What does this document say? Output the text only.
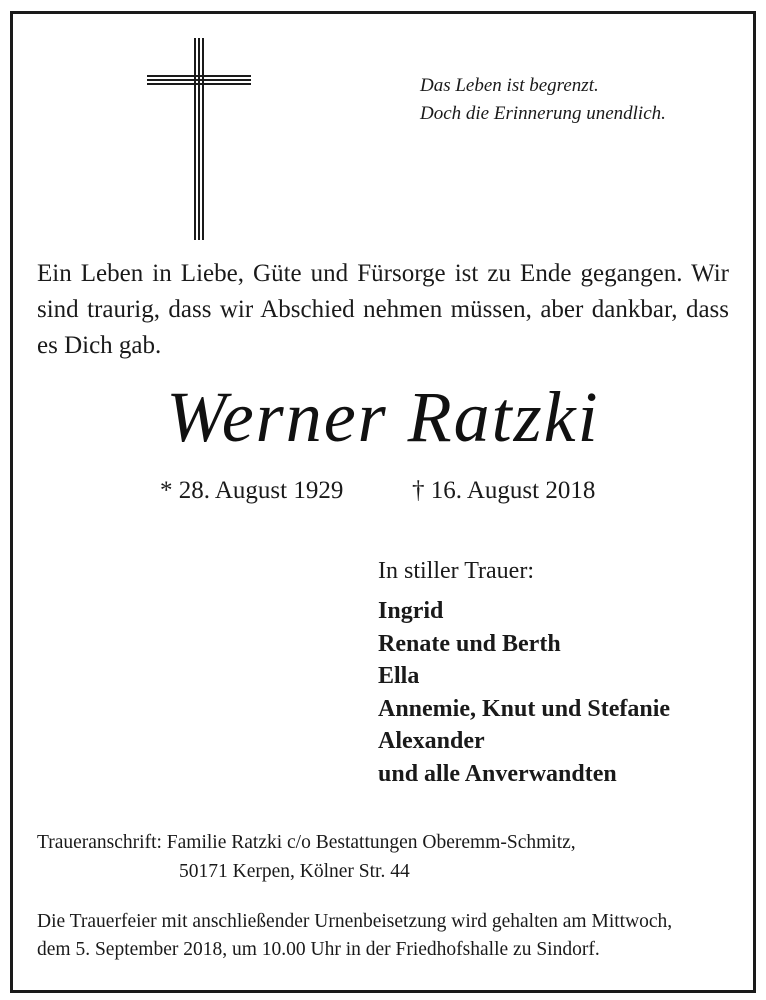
Das Leben ist begrenzt.
Doch die Erinnerung unendlich.
Ein Leben in Liebe, Güte und Fürsorge ist zu Ende gegangen. Wir sind traurig, dass wir Abschied nehmen müssen, aber dankbar, dass es Dich gab.
Werner Ratzki
* 28. August 1929	† 16. August 2018
In stiller Trauer:
Ingrid
Renate und Berth
Ella
Annemie, Knut und Stefanie
Alexander
und alle Anverwandten
Traueranschrift: Familie Ratzki c/o Bestattungen Oberemm-Schmitz,
50171 Kerpen, Kölner Str. 44
Die Trauerfeier mit anschließender Urnenbeisetzung wird gehalten am Mittwoch,
dem 5. September 2018, um 10.00 Uhr in der Friedhofshalle zu Sindorf.
